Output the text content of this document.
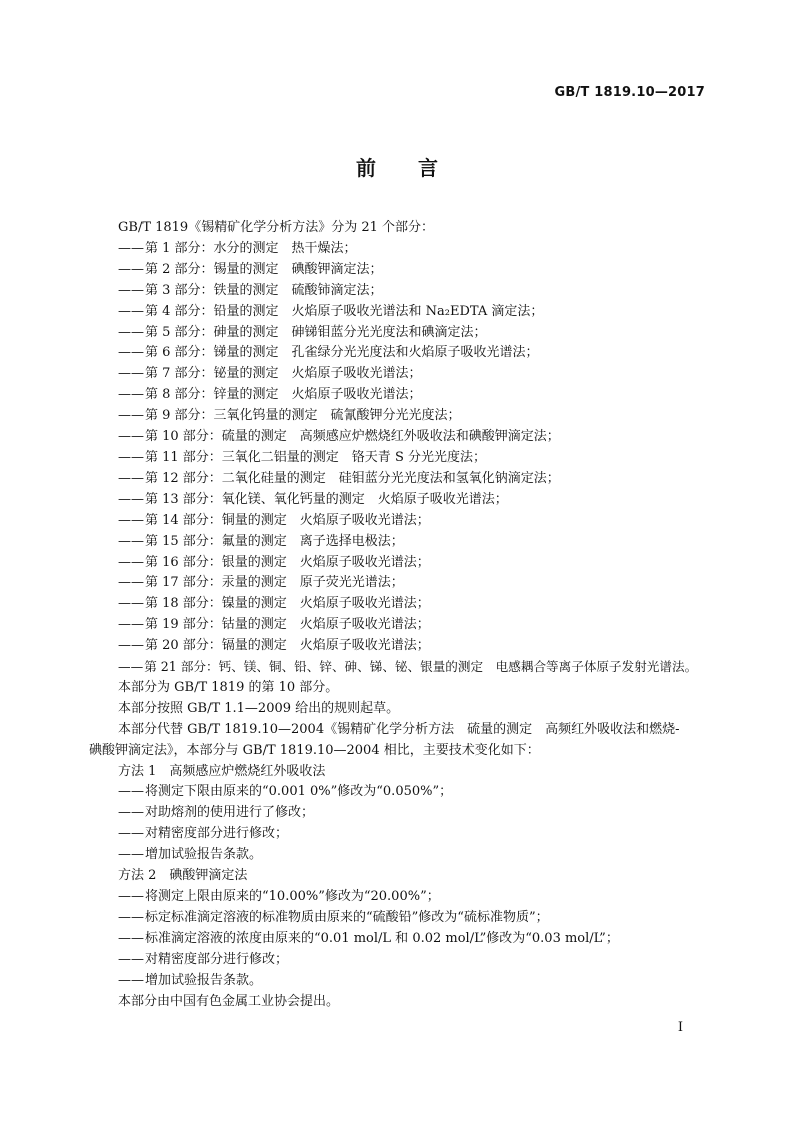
GB/T 1819.10—2017
前言
GB/T 1819《锡精矿化学分析方法》分为 21 个部分：
——第 1 部分：水分的测定　热干燥法；
——第 2 部分：锡量的测定　碘酸钾滴定法；
——第 3 部分：铁量的测定　硫酸铈滴定法；
——第 4 部分：铅量的测定　火焰原子吸收光谱法和 Na₂EDTA 滴定法；
——第 5 部分：砷量的测定　砷锑钼蓝分光光度法和碘滴定法；
——第 6 部分：锑量的测定　孔雀绿分光光度法和火焰原子吸收光谱法；
——第 7 部分：铋量的测定　火焰原子吸收光谱法；
——第 8 部分：锌量的测定　火焰原子吸收光谱法；
——第 9 部分：三氧化钨量的测定　硫氰酸钾分光光度法；
——第 10 部分：硫量的测定　高频感应炉燃烧红外吸收法和碘酸钾滴定法；
——第 11 部分：三氧化二铝量的测定　铬天青 S 分光光度法；
——第 12 部分：二氧化硅量的测定　硅钼蓝分光光度法和氢氧化钠滴定法；
——第 13 部分：氧化镁、氧化钙量的测定　火焰原子吸收光谱法；
——第 14 部分：铜量的测定　火焰原子吸收光谱法；
——第 15 部分：氟量的测定　离子选择电极法；
——第 16 部分：银量的测定　火焰原子吸收光谱法；
——第 17 部分：汞量的测定　原子荧光光谱法；
——第 18 部分：镍量的测定　火焰原子吸收光谱法；
——第 19 部分：钴量的测定　火焰原子吸收光谱法；
——第 20 部分：镉量的测定　火焰原子吸收光谱法；
——第 21 部分：钙、镁、铜、铅、锌、砷、锑、铋、银量的测定　电感耦合等离子体原子发射光谱法。
本部分为 GB/T 1819 的第 10 部分。
本部分按照 GB/T 1.1—2009 给出的规则起草。
本部分代替 GB/T 1819.10—2004《锡精矿化学分析方法　硫量的测定　高频红外吸收法和燃烧-
碘酸钾滴定法》，本部分与 GB/T 1819.10—2004 相比，主要技术变化如下：
方法 1　高频感应炉燃烧红外吸收法
——将测定下限由原来的“0.001 0%”修改为“0.050%”；
——对助熔剂的使用进行了修改；
——对精密度部分进行修改；
——增加试验报告条款。
方法 2　碘酸钾滴定法
——将测定上限由原来的“10.00%”修改为“20.00%”；
——标定标准滴定溶液的标准物质由原来的“硫酸铅”修改为“硫标准物质”；
——标准滴定溶液的浓度由原来的“0.01 mol/L 和 0.02 mol/L”修改为“0.03 mol/L”；
——对精密度部分进行修改；
——增加试验报告条款。
本部分由中国有色金属工业协会提出。
I
